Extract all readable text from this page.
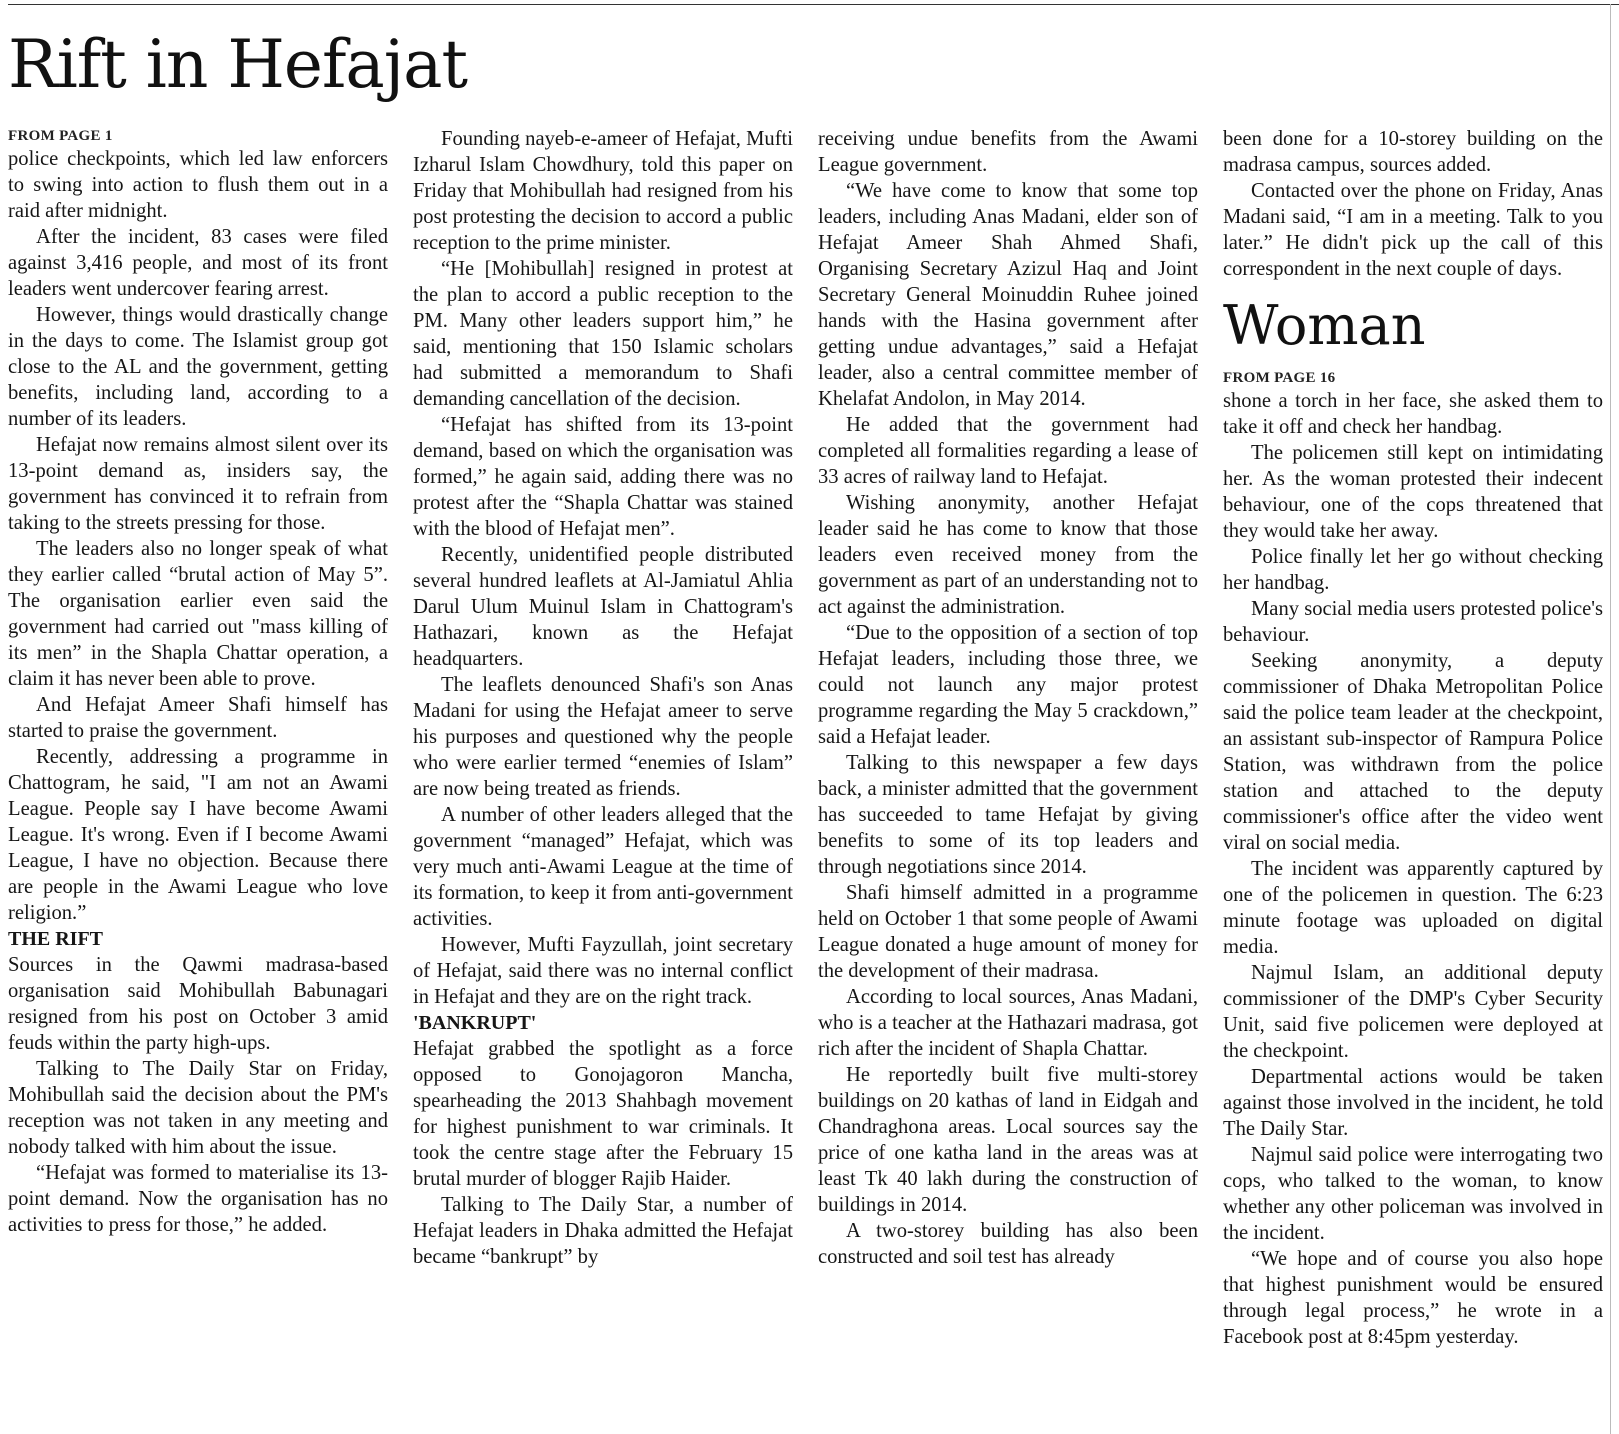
Rift in Hefajat
FROM PAGE 1

police checkpoints, which led law enforcers to swing into action to flush them out in a raid after midnight.

After the incident, 83 cases were filed against 3,416 people, and most of its front leaders went undercover fearing arrest.

However, things would drastically change in the days to come. The Islamist group got close to the AL and the government, getting benefits, including land, according to a number of its leaders.

Hefajat now remains almost silent over its 13-point demand as, insiders say, the government has convinced it to refrain from taking to the streets pressing for those.

The leaders also no longer speak of what they earlier called “brutal action of May 5”. The organisation earlier even said the government had carried out "mass killing of its men” in the Shapla Chattar operation, a claim it has never been able to prove.

And Hefajat Ameer Shafi himself has started to praise the government.

Recently, addressing a programme in Chattogram, he said, "I am not an Awami League. People say I have become Awami League. It's wrong. Even if I become Awami League, I have no objection. Because there are people in the Awami League who love religion.”

THE RIFT

Sources in the Qawmi madrasa-based organisation said Mohibullah Babunagari resigned from his post on October 3 amid feuds within the party high-ups.

Talking to The Daily Star on Friday, Mohibullah said the decision about the PM's reception was not taken in any meeting and nobody talked with him about the issue.

“Hefajat was formed to materialise its 13-point demand. Now the organisation has no activities to press for those,” he added.

Founding nayeb-e-ameer of Hefajat, Mufti Izharul Islam Chowdhury, told this paper on Friday that Mohibullah had resigned from his post protesting the decision to accord a public reception to the prime minister.

“He [Mohibullah] resigned in protest at the plan to accord a public reception to the PM. Many other leaders support him,” he said, mentioning that 150 Islamic scholars had submitted a memorandum to Shafi demanding cancellation of the decision.

“Hefajat has shifted from its 13-point demand, based on which the organisation was formed,” he again said, adding there was no protest after the “Shapla Chattar was stained with the blood of Hefajat men”.

Recently, unidentified people distributed several hundred leaflets at Al-Jamiatul Ahlia Darul Ulum Muinul Islam in Chattogram's Hathazari, known as the Hefajat headquarters.

The leaflets denounced Shafi's son Anas Madani for using the Hefajat ameer to serve his purposes and questioned why the people who were earlier termed “enemies of Islam” are now being treated as friends.

A number of other leaders alleged that the government “managed” Hefajat, which was very much anti-Awami League at the time of its formation, to keep it from anti-government activities.

However, Mufti Fayzullah, joint secretary of Hefajat, said there was no internal conflict in Hefajat and they are on the right track.

'BANKRUPT'

Hefajat grabbed the spotlight as a force opposed to Gonojagoron Mancha, spearheading the 2013 Shahbagh movement for highest punishment to war criminals. It took the centre stage after the February 15 brutal murder of blogger Rajib Haider.

Talking to The Daily Star, a number of Hefajat leaders in Dhaka admitted the Hefajat became “bankrupt” by

receiving undue benefits from the Awami League government.

“We have come to know that some top leaders, including Anas Madani, elder son of Hefajat Ameer Shah Ahmed Shafi, Organising Secretary Azizul Haq and Joint Secretary General Moinuddin Ruhee joined hands with the Hasina government after getting undue advantages,” said a Hefajat leader, also a central committee member of Khelafat Andolon, in May 2014.

He added that the government had completed all formalities regarding a lease of 33 acres of railway land to Hefajat.

Wishing anonymity, another Hefajat leader said he has come to know that those leaders even received money from the government as part of an understanding not to act against the administration.

“Due to the opposition of a section of top Hefajat leaders, including those three, we could not launch any major protest programme regarding the May 5 crackdown,” said a Hefajat leader.

Talking to this newspaper a few days back, a minister admitted that the government has succeeded to tame Hefajat by giving benefits to some of its top leaders and through negotiations since 2014.

Shafi himself admitted in a programme held on October 1 that some people of Awami League donated a huge amount of money for the development of their madrasa.

According to local sources, Anas Madani, who is a teacher at the Hathazari madrasa, got rich after the incident of Shapla Chattar.

He reportedly built five multi-storey buildings on 20 kathas of land in Eidgah and Chandraghona areas. Local sources say the price of one katha land in the areas was at least Tk 40 lakh during the construction of buildings in 2014.

A two-storey building has also been constructed and soil test has already

been done for a 10-storey building on the madrasa campus, sources added.

Contacted over the phone on Friday, Anas Madani said, “I am in a meeting. Talk to you later.” He didn't pick up the call of this correspondent in the next couple of days.

Woman
FROM PAGE 16

shone a torch in her face, she asked them to take it off and check her handbag.

The policemen still kept on intimidating her. As the woman protested their indecent behaviour, one of the cops threatened that they would take her away.

Police finally let her go without checking her handbag.

Many social media users protested police's behaviour.

Seeking anonymity, a deputy commissioner of Dhaka Metropolitan Police said the police team leader at the checkpoint, an assistant sub-inspector of Rampura Police Station, was withdrawn from the police station and attached to the deputy commissioner's office after the video went viral on social media.

The incident was apparently captured by one of the policemen in question. The 6:23 minute footage was uploaded on digital media.

Najmul Islam, an additional deputy commissioner of the DMP's Cyber Security Unit, said five policemen were deployed at the checkpoint.

Departmental actions would be taken against those involved in the incident, he told The Daily Star.

Najmul said police were interrogating two cops, who talked to the woman, to know whether any other policeman was involved in the incident.

“We hope and of course you also hope that highest punishment would be ensured through legal process,” he wrote in a Facebook post at 8:45pm yesterday.
